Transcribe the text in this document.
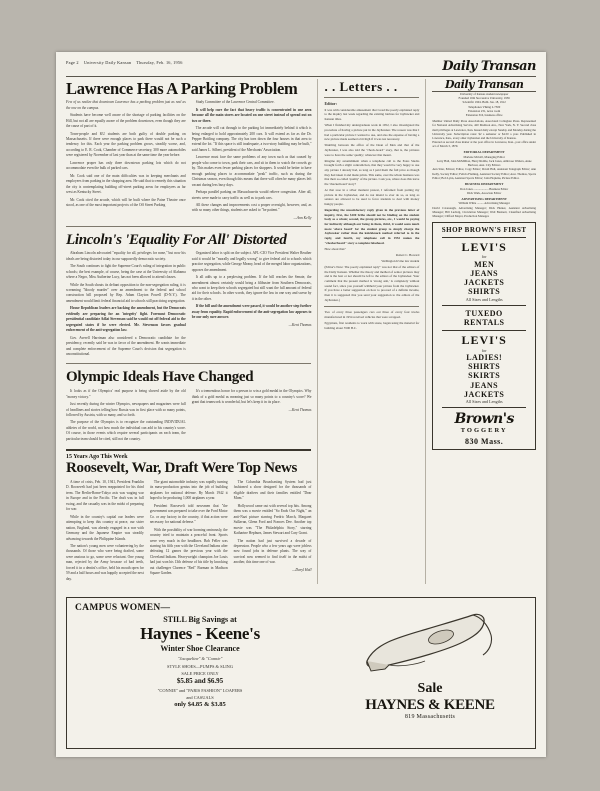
Page 2 University Daily Kansan Thursday, Feb. 16, 1956	Daily Transan
Lawrence Has A Parking Problem

Few of us realize that downtown Lawrence has a parking problem just as real as the one on the campus.

Students have become well aware of the shortage of parking facilities on the Hill, but not all are equally aware of the problem downtown, even though they are the cause of part of it.

Town-people and KU students are both guilty of double parking on Massachusetts. If there were enough places to park there would not be such a tendency for this. Each year the parking problem grows, steadily worse, and, according to E. R. Cook, Chamber of Commerce secretary, 300 more automobiles were registered by November of last year than at the same time the year before.

Lawrence proper has only three downtown parking lots which do not accommodate even the bulk of parked cars.

Mr. Cook said one of the main difficulties was in keeping merchants and employees from parking in the shopping area. He said that to remedy this situation the city is contemplating building off-street parking areas for employees as far west as Kentucky Street.

Mr. Cook cited the arcade, which will be built where the Paine Theatre once stood, as one of the most important projects of the Off Street Parking

Study Committee of the Lawrence Central Committee.

It will help cure the fact that heavy traffic is concentrated in one area because all the main stores are located on one street instead of spread out on two or three.

The arcade will cut through to the parking lot immediately behind it which is being enlarged to hold approximately 200 cars. It will extend as far as the Dr. Pepper Bottling company. The city has torn down the four houses in that area to extend the lot. "If this space is still inadequate, a two-story building may be built," said James L. Silbert, president of the Merchants' Association.

Lawrence must face the same problems of any town such as that caused by people who come to town, park their cars, and sit in them to watch the crowds go by. This makes even fewer parking places for shoppers. It would be better to have enough parking places to accommodate "peak" traffic, such as during the Christmas season, even though this means that there will often be many places left vacant during less busy days.

Perhaps parallel parking on Massachusetts would relieve congestion. After all, streets were made to carry traffic as well as to park cars.

All these changes and improvements cost a proper oversight, however, and, as with so many other things, students are asked to "be patient."

—Ann Kelly
Lincoln's 'Equality For All' Distorted

Abraham Lincoln advocated "equality for all, privileges for none," but now his ideals are being distorted today in our supposedly democratic society.

The South continues to fight the Supreme Court's ruling of integration in public schools; the best example, of course, being the case at the University of Alabama where a Negro, Miss Autherine Lucy, has not been allowed to attend classes.

While the South shouts its defiant opposition to the non-segregation ruling, it is screaming "bloody murder" over an amendment to the federal and school construction bill proposed by Rep. Adam Clayton Powell (D-N.Y.). The amendment would limit federal financial aid to schools still practicing segregation.

House Republican leaders are backing the amendment, but the Democrats evidently are preparing for an 'integrity' fight. Foremost Democratic presidential candidate Adlai Stevenson said he would cut off federal aid to the segregated states if he were elected. Mr. Stevenson favors gradual enforcement of the anti-segregation law.

Gov. Averell Harriman also considered a Democratic candidate for the presidency, recently said he was in favor of the amendment. He wants immediate and complete enforcement of the Supreme Court's decision that segregation is unconstitutional.

Organized labor is split on the subject. AFL-CIO Vice President Walter Reuther said it would be "morally and legally wrong" to give federal aid to schools which practice segregation, while George Meany, head of the merged labor organizations, opposes the amendment.

It all adds up to a perplexing problem. If the bill reaches the Senate, the amendment almost certainly would bring a filibuster from Southern Democrats, who want to keep their schools segregated but still want the full amount of federal aid for their schools. In other words, they ignore the law in one way and swear by it in the other.

If the bill and the amendment were passed, it would be another step further away from equality. Rapid enforcement of the anti-segregation law appears to be our only sure answer.

—Kent Thomas
Olympic Ideals Have Changed

It looks as if the Olympics' real purpose is being shoved aside by the old "money victory."

Just recently during the winter Olympics, newspapers and magazines were full of headlines and stories telling how Russia was in first place with so many points, followed by Austria, with so many, and so forth.

The purpose of the Olympics is to recognize the outstanding INDIVIDUAL athletes of the world, not how much the individual can add to his country's score. Of course, in those events which require several participants on each team, the particular team should be cited, still not the country.

It's a tremendous honor for a person to win a gold medal in the Olympics. Why think of a gold medal as meaning just so many points to a country's score? We grant that teamwork is wonderful, but let's keep it in its place.

—Kent Thomas
15 Years Ago This Week
Roosevelt, War, Draft Were Top News

A time of crisis, Feb. 10, 1941, President Franklin D. Roosevelt had just been reappointed for his third term. The Berlin-Rome-Tokyo axis was waging war in Europe and in the Pacific. The draft was in full swing, and the casualty was in the midst of preparing for war.

While in the country's capital our leaders were attempting to keep this country at peace, our sister nation, England, was already engaged in a war with Germany and the Japanese Empire was steadily advancing towards the Philippine Islands.

The nation's young men were volunteering by the thousands. Of those who were being drafted, some were anxious to go, some were reluctant. One young man, rejected by the Army because of bad teeth, forced it in a dentist's office, held his mouth open for 59 and a half hours and was happily accepted the next day.

The giant automobile industry was rapidly turning its mass-production genius into the job of building airplanes for national defense. By March 1942 it hoped to be producing 1,000 airplanes a year.

President Roosevelt told newsmen that "the government was prepared to take over the Ford Motor Co. or any factory in the country, if that action were necessary for national defense."

With the possibility of war looming ominously, the country tried to maintain a peaceful front. Sports were very much in the headlines. Bob Feller was starring his fifth year with the Cleveland Indians after defeating 12 games the previous year with the Cleveland Indians. Heavyweight champion Joe Louis had just won his 13th defense of his title by knocking out challenger Clarence "Red" Burman in Madison Square Garden.

The Columbia Broadcasting System had just fashioned a show designed for the thousands of eligible draftees and their families entitled "Dear Mom."

Hollywood came out with several top hits. Among them was a movie entitled "So Ends Our Night," an anti-Nazi picture starring Fredric March, Margaret Sullavan, Glenn Ford and Frances Dee. Another top movie was "The Philadelphia Story," starring Katharine Hepburn, James Stewart and Cary Grant.

The nation had just survived a decade of depression. People who a few years ago were jobless now found jobs in defense plants. The way of survival now seemed to find itself in the midst of another, this time one of war.

—Daryl Hall
. . Letters . .
Editor:

It was with considerable amusement that I read the poorly explained reply to the inquiry last week regarding the existing latrines for Jayhawker and Kansan titles.

When I finished my undergraduate work in 1952, I also investigated the procedure of having a picture put in the Jayhawker. The reason was that I had a particular picture I wanted to use, and also the expense of having a new picture made seemed a bit high if it was not necessary.

Shuttling between the office of the Dean of Men and that of the Jayhawker, I was also told the "check-board" story, that is, the pictures were to have the same 'quality,' whatever that meant.

Imagine my astonishment when a telephone call to the Estes Studio brought forth a slight contradiction, that they would be very happy to use any picture I already had, as long as I paid them the full price as though they had taken it and made prints. This same, over the whole business was that their so-called 'quality' of the picture. I ask you, where does this leave the 'checkerboard' story?

At that rose in a silver moment protest, I refrained from putting my picture in the Jayhawker, and do not intend to ever do so, as long as seniors are allowed to be used to force students to deal with money hungry people.

Regarding the unsatisfactory reply given in the previous letter of inquiry, first, the $100 bribe should not be binding on the student body as a whole; second, the group pictures, etc., I would be paying for indirectly although our being in them, third, it would seem much more 'above board' for the student group to simply charge the Jayhawker rather than the knickknack method referred to in the reply, and fourth, my telephone call in 1952 makes the "checkerboard" story a complete falsehood.

How about that?

Robert C. Howard

Wellington Irvine law student

(Editor's Note: The poorly explained reply" was not that of the editors of the Daily Kansan. Whether the theory and method of senior pictures may and is the best or not should be left to the editors of the Jayhawker. Your comment that the present method is 'strong arm,' is completely without sound fact, since you yourself withheld your picture from the Jayhawker. If you have a better suggestion on how to proceed of a definite income, then it is suggested that you send your suggestion to the editors of the Jayhawker.)

Two of every three passengers cars out three of every four trucks manufactured in 1954 received vehicles that were scrapped.

Egyptians, first residents to work with stone, began using the material for building about 3500 B.C.

Daily Transan
University of Kansas student newspaper
Founded 16th Successive University, 1956
Scientific 1904. Bulli. Jan. 18, 1912
Telephones VIking 2-7500
Extension 231, news room
Extension 316, business office
Member United Daily Press Associations, Associated Collegiate Press. Represented for National Advertising Service, 420 Madison Ave., New York, N. Y. Second class mail privileges at Lawrence, Kan. Issued daily except Sunday and Monday during the University year. Subscription rates: $2 a semester or $4.50 a year. Published in Lawrence, Kan., every other Jayhawker and the University of Kansas.
Entered as second class matter at the post office in Lawrence, Kan., post office under act of March 3, 1879.
EDITORIAL DEPARTMENT
Marlene McGill, Managing Editor
Larry Hall, John McMillion, Harry Riddle, Jack Jones, Ambrose Walters, Anne Barbour, Asst. City Editors
Ann Stier, Editors; Editor, Copy Editor; David Hall, Assistant Telegraph Editor; Ann Kelly, Society Editor; Felicia Fleming, Assistant Society Editor; Asst. Thomas, Sports Editor; Bob Lynn, Assistant Sports Editor; John Hopkins, Picture Editor.
BUSINESS DEPARTMENT
Don Jones .................... Business Editor
Dick Wark, Associate Editor
ADVERTISING DEPARTMENT
William White ......... Advertising Manager
David Cavanaugh, Advertising Manager; Dick Hunter, Assistant Advertising Manager; Bill Ludwig, Circulation Manager; Walt Basinett, Classified Advertising Manager; Clifford Meyer, Production Manager.
SHOP BROWN'S FIRST
LEVI'S
for
MEN
JEANS
JACKETS
SHIRTS
All Sizes and Lengths
TUXEDO
RENTALS
LEVI'S
for
LADIES!
SHIRTS
SKIRTS
JEANS
JACKETS
All Sizes and Lengths
Brown's
TOGGERY
830 Mass.
CAMPUS WOMEN—
STILL Big Savings at
Haynes - Keene's
Winter Shoe Clearance
"Jacqueline" & "Connie"
STYLE SHOES—PUMPS & SLING
SALE PRICE ONLY
$5.85 and $6.95
"CONNIE" and "PARIS FASHION" LOAFERS
and CASUALS
only $4.85 & $3.85
Sale
HAYNES & KEENE
819 Massachusetts
